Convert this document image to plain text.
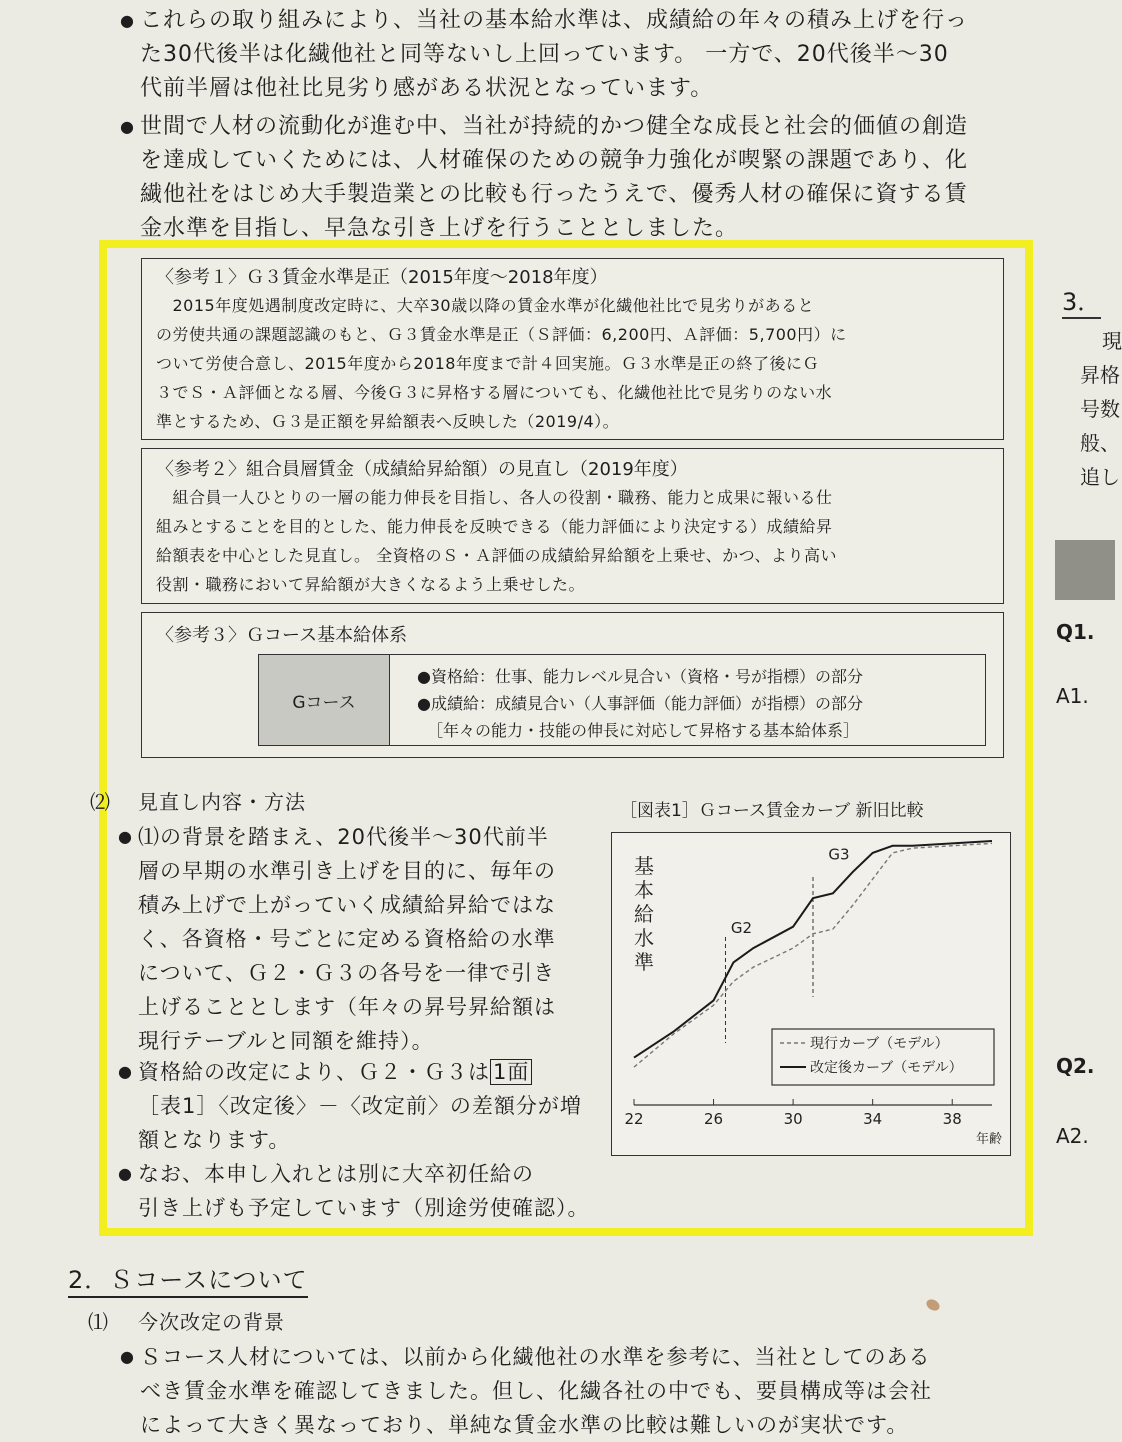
● これらの取り組みにより、当社の基本給水準は、成績給の年々の積み上げを行っ
た30代後半は化繊他社と同等ないし上回っています。 一方で、20代後半～30
代前半層は他社比見劣り感がある状況となっています。
● 世間で人材の流動化が進む中、当社が持続的かつ健全な成長と社会的価値の創造
を達成していくためには、人材確保のための競争力強化が喫緊の課題であり、化
繊他社をはじめ大手製造業との比較も行ったうえで、優秀人材の確保に資する賃
金水準を目指し、早急な引き上げを行うこととしました。
〈参考１〉Ｇ３賃金水準是正（2015年度～2018年度）
　2015年度処遇制度改定時に、大卒30歳以降の賃金水準が化繊他社比で見劣りがあると
の労使共通の課題認識のもと、Ｇ３賃金水準是正（Ｓ評価：6,200円、Ａ評価：5,700円）に
ついて労使合意し、2015年度から2018年度まで計４回実施。Ｇ３水準是正の終了後にＧ
３でＳ・Ａ評価となる層、今後Ｇ３に昇格する層についても、化繊他社比で見劣りのない水
準とするため、Ｇ３是正額を昇給額表へ反映した（2019/4）。
〈参考２〉組合員層賃金（成績給昇給額）の見直し（2019年度）
　組合員一人ひとりの一層の能力伸長を目指し、各人の役割・職務、能力と成果に報いる仕
組みとすることを目的とした、能力伸長を反映できる（能力評価により決定する）成績給昇
給額表を中心とした見直し。 全資格のＳ・Ａ評価の成績給昇給額を上乗せ、かつ、より高い
役割・職務において昇給額が大きくなるよう上乗せした。
〈参考３〉Ｇコース基本給体系
Gコース
●資格給：仕事、能力レベル見合い（資格・号が指標）の部分
●成績給：成績見合い（人事評価（能力評価）が指標）の部分
［年々の能力・技能の伸長に対応して昇格する基本給体系］
⑵ 見直し内容・方法
● ⑴の背景を踏まえ、20代後半～30代前半
層の早期の水準引き上げを目的に、毎年の
積み上げで上がっていく成績給昇給ではな
く、各資格・号ごとに定める資格給の水準
について、Ｇ２・Ｇ３の各号を一律で引き
上げることとします（年々の昇号昇給額は
現行テーブルと同額を維持）。
● 資格給の改定により、Ｇ２・Ｇ３は 1面
［表1］〈改定後〉－〈改定前〉の差額分が増
額となります。
● なお、本申し入れとは別に大卒初任給の
引き上げも予定しています（別途労使確認）。
［図表1］Ｇコース賃金カーブ 新旧比較
22	26	30	34	38
年齢
基本給水準
G2
G3
現行カーブ（モデル）
改定後カーブ（モデル）
2．Ｓコースについて
⑴ 今次改定の背景
● Ｓコース人材については、以前から化繊他社の水準を参考に、当社としてのある
べき賃金水準を確認してきました。但し、化繊各社の中でも、要員構成等は会社
によって大きく異なっており、単純な賃金水準の比較は難しいのが実状です。
3．
現
昇格
号数
般、
追し
Q1.
A1.
Q2.
A2.
